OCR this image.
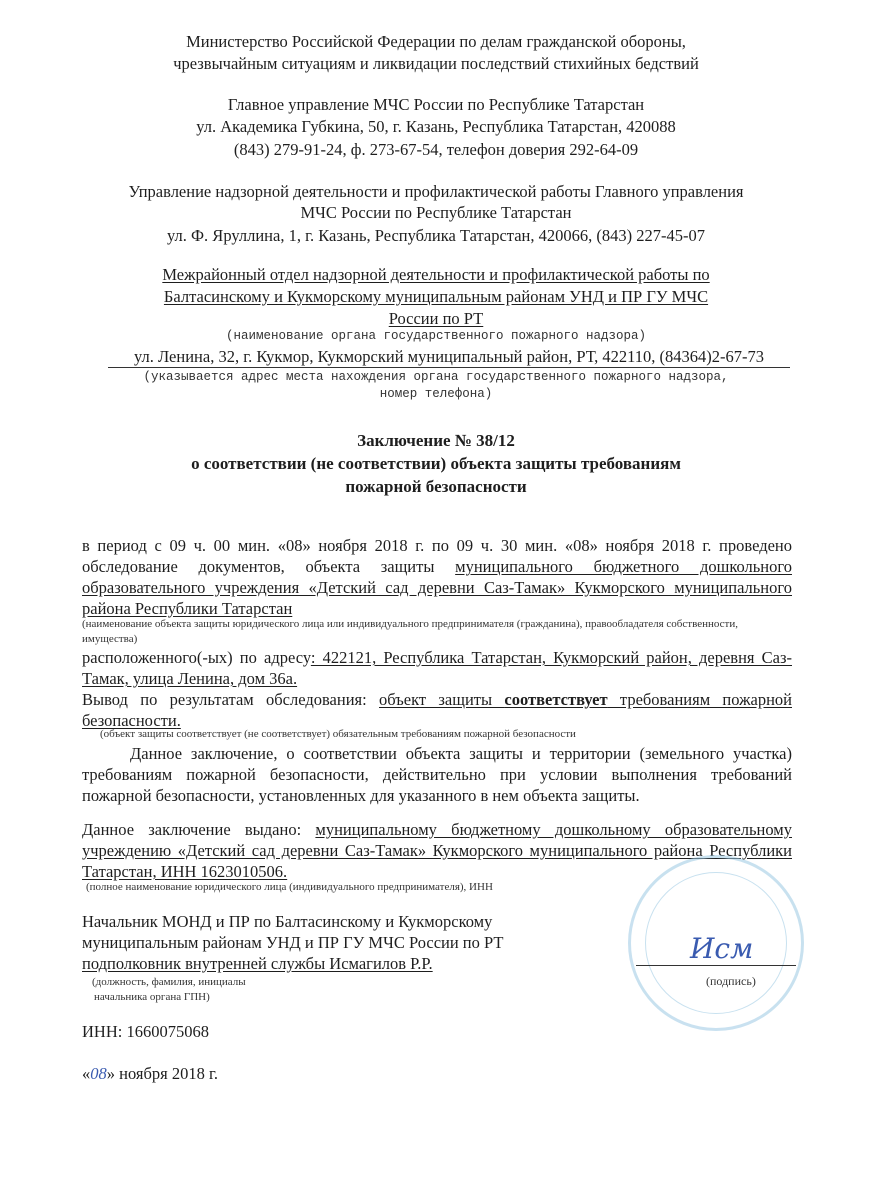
Министерство Российской Федерации по делам гражданской обороны,
чрезвычайным ситуациям и ликвидации последствий стихийных бедствий
Главное управление МЧС России по Республике Татарстан
ул. Академика Губкина, 50, г. Казань, Республика Татарстан, 420088
(843) 279-91-24, ф. 273-67-54, телефон доверия 292-64-09
Управление надзорной деятельности и профилактической работы Главного управления
МЧС России по Республике Татарстан
ул. Ф. Яруллина, 1, г. Казань, Республика Татарстан, 420066, (843) 227-45-07
Межрайонный отдел надзорной деятельности и профилактической работы по
Балтасинскому и Кукморскому муниципальным районам УНД и ПР ГУ МЧС
России по РТ
(наименование органа государственного пожарного надзора)
ул. Ленина, 32, г. Кукмор, Кукморский муниципальный район, РТ, 422110, (84364)2-67-73
(указывается адрес места нахождения органа государственного пожарного надзора,
номер телефона)
Заключение № 38/12
о соответствии (не соответствии) объекта защиты требованиям
пожарной безопасности
в период с 09 ч. 00 мин. «08» ноября 2018 г. по 09 ч. 30 мин. «08» ноября 2018 г. проведено обследование документов, объекта защиты муниципального бюджетного дошкольного образовательного учреждения «Детский сад деревни Саз-Тамак» Кукморского муниципального района Республики Татарстан
(наименование объекта защиты юридического лица или индивидуального предпринимателя (гражданина), правообладателя собственности, имущества)
расположенного(-ых) по адресу: 422121, Республика Татарстан, Кукморский район, деревня Саз-Тамак, улица Ленина, дом 36а.
Вывод по результатам обследования: объект защиты соответствует требованиям пожарной безопасности.
(объект защиты соответствует (не соответствует) обязательным требованиям пожарной безопасности
Данное заключение, о соответствии объекта защиты и территории (земельного участка) требованиям пожарной безопасности, действительно при условии выполнения требований пожарной безопасности, установленных для указанного в нем объекта защиты.
Данное заключение выдано: муниципальному бюджетному дошкольному образовательному учреждению «Детский сад деревни Саз-Тамак» Кукморского муниципального района Республики Татарстан, ИНН 1623010506.
(полное наименование юридического лица (индивидуального предпринимателя), ИНН
Исм
Начальник МОНД и ПР по Балтасинскому и Кукморскому
муниципальным районам УНД и ПР ГУ МЧС России по РТ
подполковник внутренней службы Исмагилов Р.Р.
(должность, фамилия, инициалы
начальника органа ГПН)
(подпись)
ИНН: 1660075068
«08» ноября 2018 г.
